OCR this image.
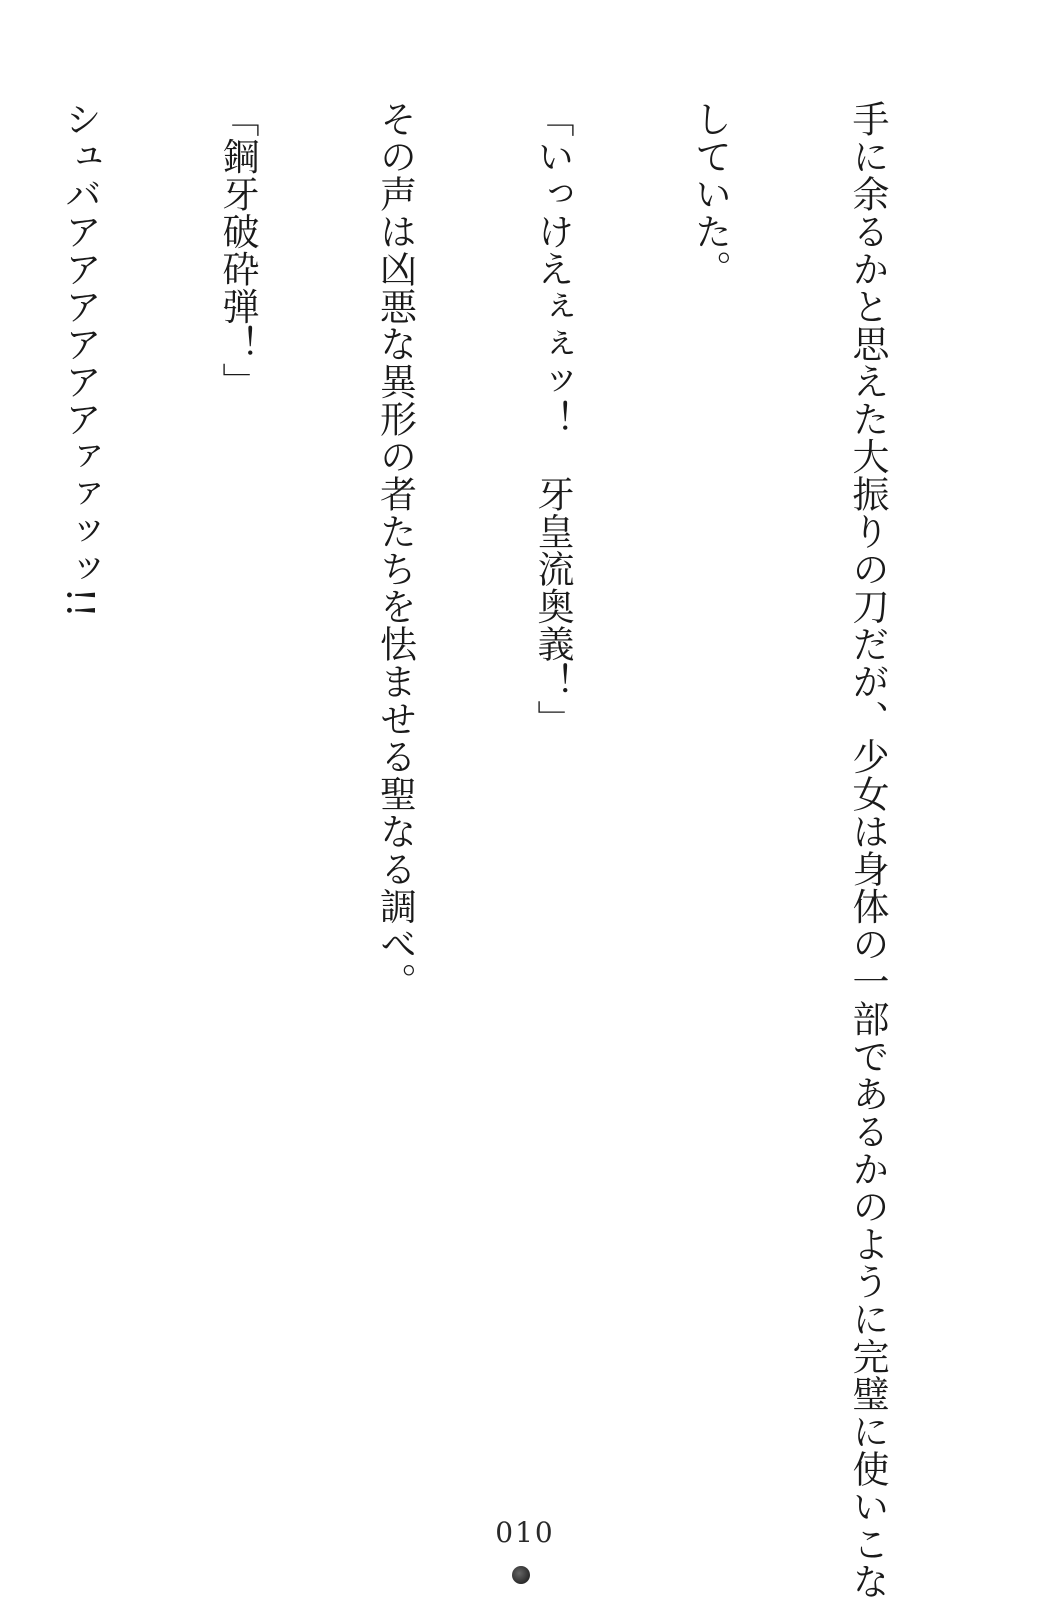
手に余るかと思えた大振りの刀だが、少女は身体の一部であるかのように完璧に使いこな

していた。

「いっけえぇぇッ！　牙皇流奥義！」

その声は凶悪な異形の者たちを怯ませる聖なる調べ。

「鋼牙破砕弾！」

シュバアアアアアアァァッッ!!

010
